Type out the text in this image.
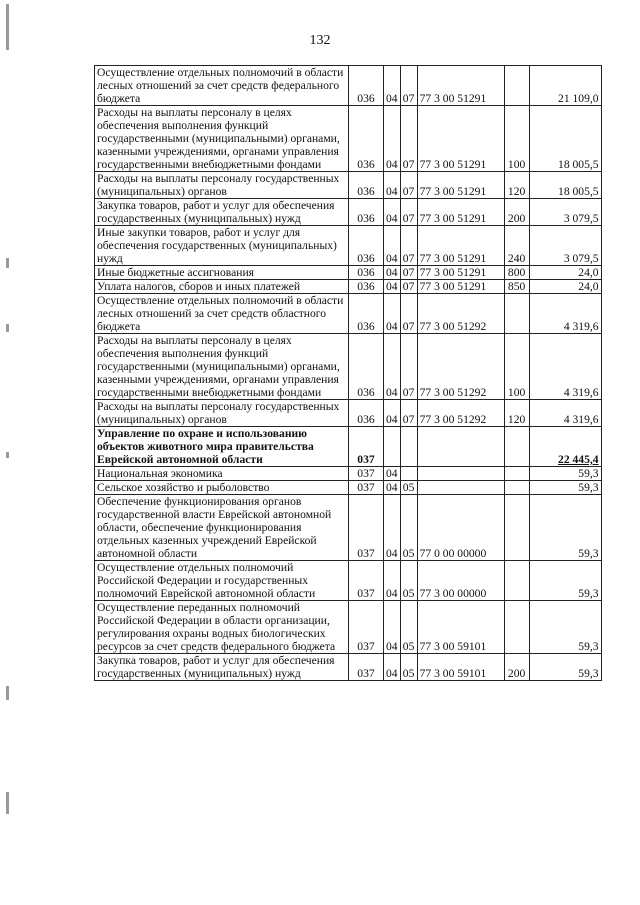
132
Осуществление отдельных полномочий в области лесных отношений за счет средств федерального бюджета	036	04	07	77 3 00 51291		21 109,0
Расходы на выплаты персоналу в целях обеспечения выполнения функций государственными (муниципальными) органами, казенными учреждениями, органами управления государственными внебюджетными фондами	036	04	07	77 3 00 51291	100	18 005,5
Расходы на выплаты персоналу государственных (муниципальных) органов	036	04	07	77 3 00 51291	120	18 005,5
Закупка товаров, работ и услуг для обеспечения государственных (муниципальных) нужд	036	04	07	77 3 00 51291	200	3 079,5
Иные закупки товаров, работ и услуг для обеспечения государственных (муниципальных) нужд	036	04	07	77 3 00 51291	240	3 079,5
Иные бюджетные ассигнования	036	04	07	77 3 00 51291	800	24,0
Уплата налогов, сборов и иных платежей	036	04	07	77 3 00 51291	850	24,0
Осуществление отдельных полномочий в области лесных отношений за счет средств областного бюджета	036	04	07	77 3 00 51292		4 319,6
Расходы на выплаты персоналу в целях обеспечения выполнения функций государственными (муниципальными) органами, казенными учреждениями, органами управления государственными внебюджетными фондами	036	04	07	77 3 00 51292	100	4 319,6
Расходы на выплаты персоналу государственных (муниципальных) органов	036	04	07	77 3 00 51292	120	4 319,6
Управление по охране и использованию объектов животного мира правительства Еврейской автономной области	037					22 445,4
Национальная экономика	037	04				59,3
Сельское хозяйство и рыболовство	037	04	05			59,3
Обеспечение функционирования органов государственной власти Еврейской автономной области, обеспечение функционирования отдельных казенных учреждений Еврейской автономной области	037	04	05	77 0 00 00000		59,3
Осуществление отдельных полномочий Российской Федерации и государственных полномочий Еврейской автономной области	037	04	05	77 3 00 00000		59,3
Осуществление переданных полномочий Российской Федерации в области организации, регулирования охраны водных биологических ресурсов за счет средств федерального бюджета	037	04	05	77 3 00 59101		59,3
Закупка товаров, работ и услуг для обеспечения государственных (муниципальных) нужд	037	04	05	77 3 00 59101	200	59,3
